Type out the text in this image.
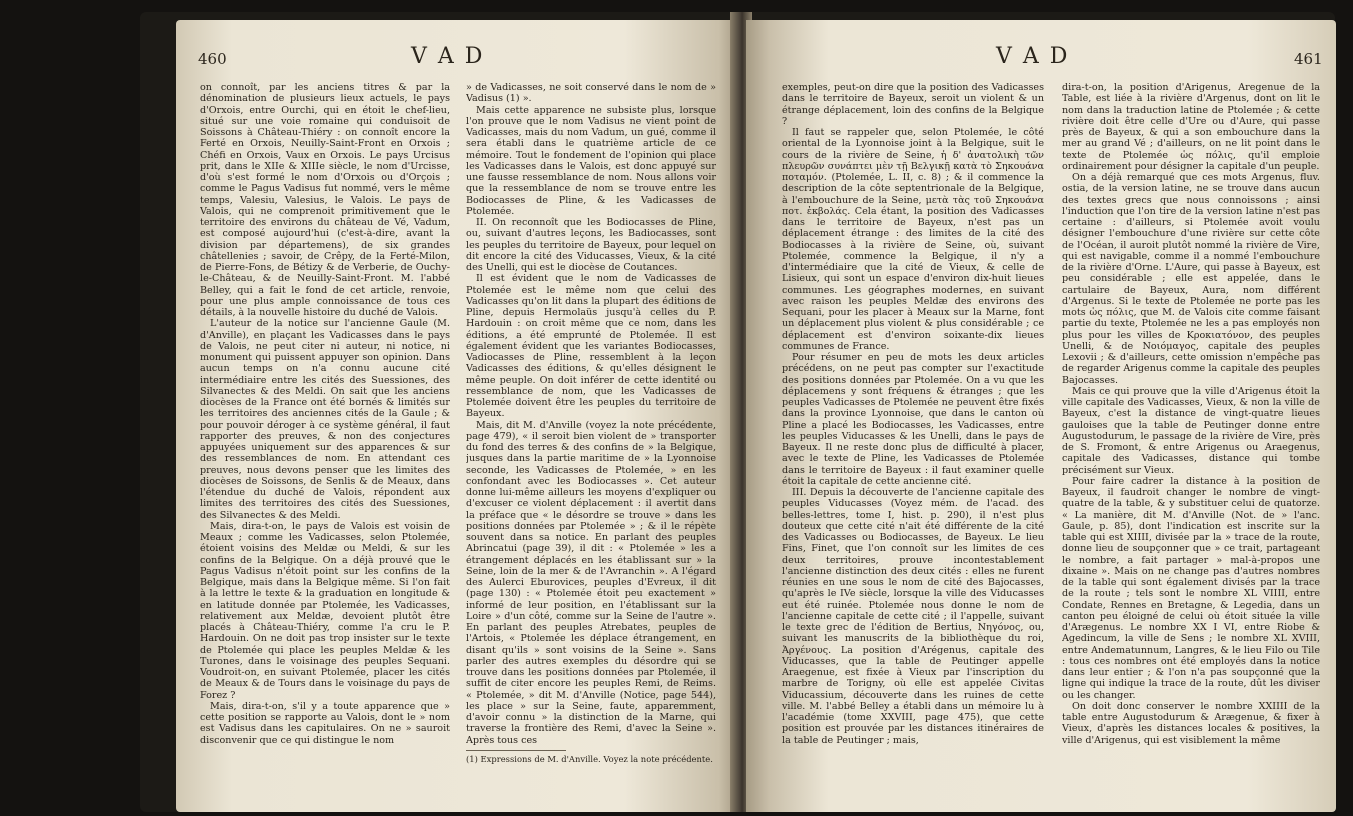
460	V A D

on connoît, par les anciens titres & par la dénomination de plusieurs lieux actuels, le pays d'Orxois, entre Ourchi, qui en étoit le chef-lieu, situé sur une voie romaine qui conduisoit de Soissons à Château-Thiéry : on connoît encore la Ferté en Orxois, Neuilly-Saint-Front en Orxois ; Chéfi en Orxois, Vaux en Orxois. Le pays Urcisus prit, dans le XIIe & XIIIe siècle, le nom d'Urcisse, d'où s'est formé le nom d'Orxois ou d'Orçois ; comme le Pagus Vadisus fut nommé, vers le même temps, Valesiu, Valesius, le Valois. Le pays de Valois, qui ne comprenoit primitivement que le territoire des environs du château de Vé, Vadum, est composé aujourd'hui (c'est-à-dire, avant la division par départemens), de six grandes châtellenies ; savoir, de Crêpy, de la Ferté-Milon, de Pierre-Fons, de Bétizy & de Verberie, de Ouchy-le-Château, & de Neuilly-Saint-Front. M. l'abbé Belley, qui a fait le fond de cet article, renvoie, pour une plus ample connoissance de tous ces détails, à la nouvelle histoire du duché de Valois.

L'auteur de la notice sur l'ancienne Gaule (M. d'Anville), en plaçant les Vadicasses dans le pays de Valois, ne peut citer ni auteur, ni notice, ni monument qui puissent appuyer son opinion. Dans aucun temps on n'a connu aucune cité intermédiaire entre les cités des Suessiones, des Silvanectes & des Meldi. On sait que les anciens diocèses de la France ont été bornés & limités sur les territoires des anciennes cités de la Gaule ; & pour pouvoir déroger à ce système général, il faut rapporter des preuves, & non des conjectures appuyées uniquement sur des apparences & sur des ressemblances de nom. En attendant ces preuves, nous devons penser que les limites des diocèses de Soissons, de Senlis & de Meaux, dans l'étendue du duché de Valois, répondent aux limites des territoires des cités des Suessiones, des Silvanectes & des Meldi.

Mais, dira-t-on, le pays de Valois est voisin de Meaux ; comme les Vadicasses, selon Ptolemée, étoient voisins des Meldæ ou Meldi, & sur les confins de la Belgique. On a déjà prouvé que le Pagus Vadisus n'étoit point sur les confins de la Belgique, mais dans la Belgique même. Si l'on fait à la lettre le texte & la graduation en longitude & en latitude donnée par Ptolemée, les Vadicasses, relativement aux Meldæ, devoient plutôt être placés à Château-Thiéry, comme l'a cru le P. Hardouin. On ne doit pas trop insister sur le texte de Ptolemée qui place les peuples Meldæ & les Turones, dans le voisinage des peuples Sequani. Voudroit-on, en suivant Ptolemée, placer les cités de Meaux & de Tours dans le voisinage du pays de Forez ?

Mais, dira-t-on, s'il y a toute apparence que » cette position se rapporte au Valois, dont le » nom est Vadisus dans les capitulaires. On ne » sauroit disconvenir que ce qui distingue le nom

» de Vadicasses, ne soit conservé dans le nom de » Vadisus (1) ».

Mais cette apparence ne subsiste plus, lorsque l'on prouve que le nom Vadisus ne vient point de Vadicasses, mais du nom Vadum, un gué, comme il sera établi dans le quatrième article de ce mémoire. Tout le fondement de l'opinion qui place les Vadicasses dans le Valois, est donc appuyé sur une fausse ressemblance de nom. Nous allons voir que la ressemblance de nom se trouve entre les Bodiocasses de Pline, & les Vadicasses de Ptolemée.

II. On reconnoît que les Bodiocasses de Pline, ou, suivant d'autres leçons, les Badiocasses, sont les peuples du territoire de Bayeux, pour lequel on dit encore la cité des Viducasses, Vieux, & la cité des Unelli, qui est le diocèse de Coutances.

Il est évident que le nom de Vadicasses de Ptolemée est le même nom que celui des Vadicasses qu'on lit dans la plupart des éditions de Pline, depuis Hermolaüs jusqu'à celles du P. Hardouin : on croit même que ce nom, dans les éditions, a été emprunté de Ptolemée. Il est également évident que les variantes Bodiocasses, Vadiocasses de Pline, ressemblent à la leçon Vadicasses des éditions, & qu'elles désignent le même peuple. On doit inférer de cette identité ou ressemblance de nom, que les Vadicasses de Ptolemée doivent être les peuples du territoire de Bayeux.

Mais, dit M. d'Anville (voyez la note précédente, page 479), « il seroit bien violent de » transporter du fond des terres & des confins de » la Belgique, jusques dans la partie maritime de » la Lyonnoise seconde, les Vadicasses de Ptolemée, » en les confondant avec les Bodiocasses ». Cet auteur donne lui-même ailleurs les moyens d'expliquer ou d'excuser ce violent déplacement : il avertit dans la préface que « le désordre se trouve » dans les positions données par Ptolemée » ; & il le répète souvent dans sa notice. En parlant des peuples Abrincatui (page 39), il dit : « Ptolemée » les a étrangement déplacés en les établissant sur » la Seine, loin de la mer & de l'Avranchin ». A l'égard des Aulerci Eburovices, peuples d'Evreux, il dit (page 130) : « Ptolemée étoit peu exactement » informé de leur position, en l'établissant sur la Loire » d'un côté, comme sur la Seine de l'autre ». En parlant des peuples Atrebates, peuples de l'Artois, « Ptolemée les déplace étrangement, en disant qu'ils » sont voisins de la Seine ». Sans parler des autres exemples du désordre qui se trouve dans les positions données par Ptolemée, il suffit de citer encore les peuples Remi, de Reims. « Ptolemée, » dit M. d'Anville (Notice, page 544), les place » sur la Seine, faute, apparemment, d'avoir connu » la distinction de la Marne, qui traverse la frontière des Remi, d'avec la Seine ». Après tous ces

(1) Expressions de M. d'Anville. Voyez la note précédente.

V A D	461

exemples, peut-on dire que la position des Vadicasses dans le territoire de Bayeux, seroit un violent & un étrange déplacement, loin des confins de la Belgique ?

Il faut se rappeler que, selon Ptolemée, le côté oriental de la Lyonnoise joint à la Belgique, suit le cours de la rivière de Seine, ἡ δ' ἀνατολικὴ τῶν πλευρῶν συνάπτει μὲν τῇ Βελγικῇ κατὰ τὸ Σηκουάνα ποταμόν. (Ptolemée, L. II, c. 8) ; & il commence la description de la côte septentrionale de la Belgique, à l'embouchure de la Seine, μετὰ τὰς τοῦ Σηκουάνα ποτ. ἐκβολάς. Cela étant, la position des Vadicasses dans le territoire de Bayeux, n'est pas un déplacement étrange : des limites de la cité des Bodiocasses à la rivière de Seine, où, suivant Ptolemée, commence la Belgique, il n'y a d'intermédiaire que la cité de Vieux, & celle de Lisieux, qui sont un espace d'environ dix-huit lieues communes. Les géographes modernes, en suivant avec raison les peuples Meldæ des environs des Sequani, pour les placer à Meaux sur la Marne, font un déplacement plus violent & plus considérable ; ce déplacement est d'environ soixante-dix lieues communes de France.

Pour résumer en peu de mots les deux articles précédens, on ne peut pas compter sur l'exactitude des positions données par Ptolemée. On a vu que les déplacemens y sont fréquens & étranges ; que les peuples Vadicasses de Ptolemée ne peuvent être fixés dans la province Lyonnoise, que dans le canton où Pline a placé les Bodiocasses, les Vadicasses, entre les peuples Viducasses & les Unelli, dans le pays de Bayeux. Il ne reste donc plus de difficulté à placer, avec le texte de Pline, les Vadicasses de Ptolemée dans le territoire de Bayeux : il faut examiner quelle étoit la capitale de cette ancienne cité.

III. Depuis la découverte de l'ancienne capitale des peuples Viducasses (Voyez mém. de l'acad. des belles-lettres, tome I, hist. p. 290), il n'est plus douteux que cette cité n'ait été différente de la cité des Vadicasses ou Bodiocasses, de Bayeux. Le lieu Fins, Finet, que l'on connoît sur les limites de ces deux territoires, prouve incontestablement l'ancienne distinction des deux cités : elles ne furent réunies en une sous le nom de cité des Bajocasses, qu'après le IVe siècle, lorsque la ville des Viducasses eut été ruinée. Ptolemée nous donne le nom de l'ancienne capitale de cette cité ; il l'appelle, suivant le texte grec de l'édition de Bertius, Νηγόνος, ou, suivant les manuscrits de la bibliothèque du roi, Ἀργένους. La position d'Arégenus, capitale des Viducasses, que la table de Peutinger appelle Araegenue, est fixée à Vieux par l'inscription du marbre de Torigny, où elle est appelée Civitas Viducassium, découverte dans les ruines de cette ville. M. l'abbé Belley a établi dans un mémoire lu à l'académie (tome XXVIII, page 475), que cette position est prouvée par les distances itinéraires de la table de Peutinger ; mais,

dira-t-on, la position d'Arigenus, Aregenue de la Table, est liée à la rivière d'Argenus, dont on lit le nom dans la traduction latine de Ptolemée ; & cette rivière doit être celle d'Ure ou d'Aure, qui passe près de Bayeux, & qui a son embouchure dans la mer au grand Vé ; d'ailleurs, on ne lit point dans le texte de Ptolemée ὡς πόλις, qu'il emploie ordinairement pour désigner la capitale d'un peuple.

On a déjà remarqué que ces mots Argenus, fluv. ostia, de la version latine, ne se trouve dans aucun des textes grecs que nous connoissons ; ainsi l'induction que l'on tire de la version latine n'est pas certaine : d'ailleurs, si Ptolemée avoit voulu désigner l'embouchure d'une rivière sur cette côte de l'Océan, il auroit plutôt nommé la rivière de Vire, qui est navigable, comme il a nommé l'embouchure de la rivière d'Orne. L'Aure, qui passe à Bayeux, est peu considérable ; elle est appelée, dans le cartulaire de Bayeux, Aura, nom différent d'Argenus. Si le texte de Ptolemée ne porte pas les mots ὡς πόλις, que M. de Valois cite comme faisant partie du texte, Ptolemée ne les a pas employés non plus pour les villes de Κροκιατόνον, des peuples Unelli, & de Νοιόμαγος, capitale des peuples Lexovii ; & d'ailleurs, cette omission n'empêche pas de regarder Arigenus comme la capitale des peuples Bajocasses.

Mais ce qui prouve que la ville d'Arigenus étoit la ville capitale des Vadicasses, Vieux, & non la ville de Bayeux, c'est la distance de vingt-quatre lieues gauloises que la table de Peutinger donne entre Augustodurum, le passage de la rivière de Vire, près de S. Fromont, & entre Arigenus ou Araegenus, capitale des Vadicasses, distance qui tombe précisément sur Vieux.

Pour faire cadrer la distance à la position de Bayeux, il faudroit changer le nombre de vingt-quatre de la table, & y substituer celui de quatorze. « La manière, dit M. d'Anville (Not. de » l'anc. Gaule, p. 85), dont l'indication est inscrite sur la table qui est XIIII, divisée par la » trace de la route, donne lieu de soupçonner que » ce trait, partageant le nombre, a fait partager » mal-à-propos une dixaine ». Mais on ne change pas d'autres nombres de la table qui sont également divisés par la trace de la route ; tels sont le nombre XL VIIII, entre Condate, Rennes en Bretagne, & Legedia, dans un canton peu éloigné de celui où étoit située la ville d'Arægenus. Le nombre XX I VI, entre Riobe & Agedincum, la ville de Sens ; le nombre XL XVIII, entre Andematunnum, Langres, & le lieu Filo ou Tile : tous ces nombres ont été employés dans la notice dans leur entier ; & l'on n'a pas soupçonné que la ligne qui indique la trace de la route, dût les diviser ou les changer.

On doit donc conserver le nombre XXIIII de la table entre Augustodurum & Arægenue, & fixer à Vieux, d'après les distances locales & positives, la ville d'Arigenus, qui est visiblement la même
